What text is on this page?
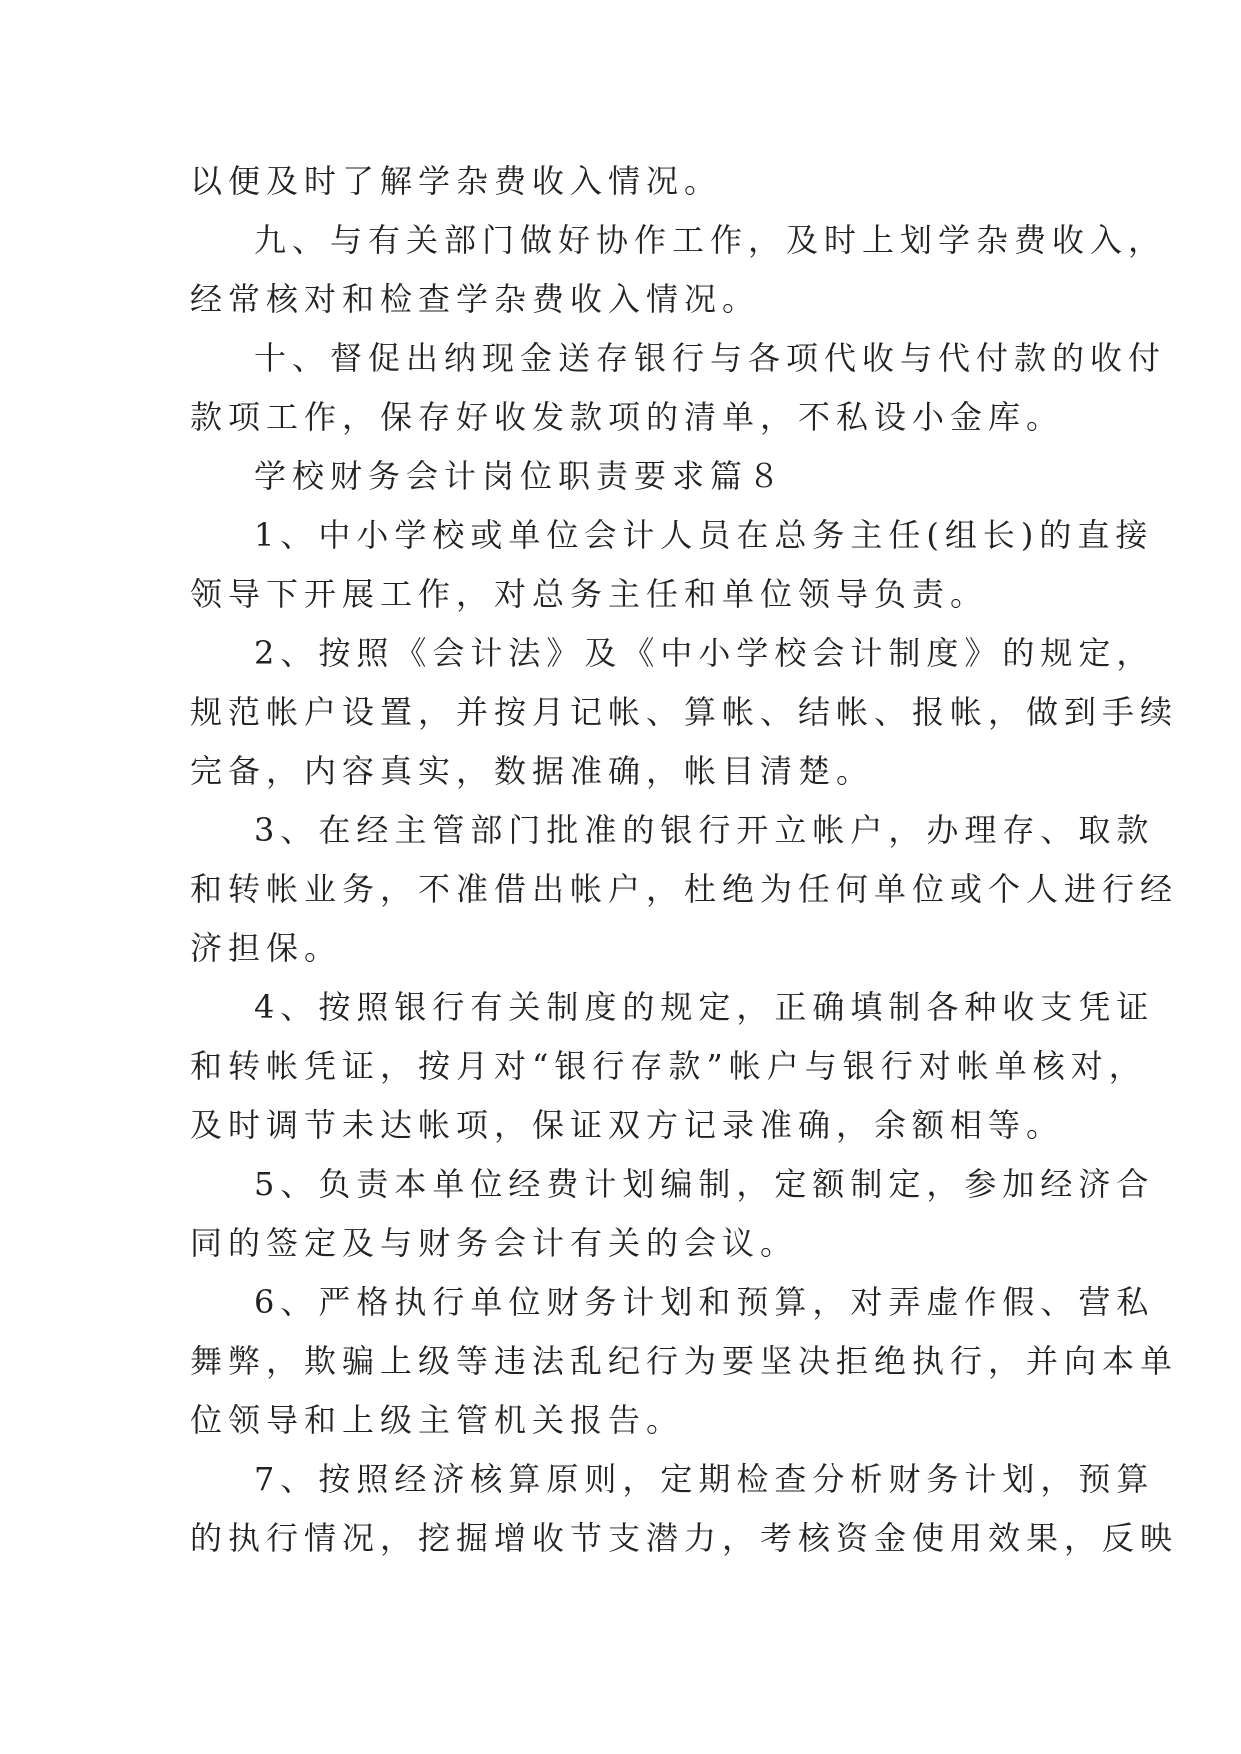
以便及时了解学杂费收入情况。

九、与有关部门做好协作工作，及时上划学杂费收入，

经常核对和检查学杂费收入情况。

十、督促出纳现金送存银行与各项代收与代付款的收付

款项工作，保存好收发款项的清单，不私设小金库。

学校财务会计岗位职责要求篇８

1、中小学校或单位会计人员在总务主任(组长)的直接

领导下开展工作，对总务主任和单位领导负责。

2、按照《会计法》及《中小学校会计制度》的规定，

规范帐户设置，并按月记帐、算帐、结帐、报帐，做到手续

完备，内容真实，数据准确，帐目清楚。

3、在经主管部门批准的银行开立帐户，办理存、取款

和转帐业务，不准借出帐户，杜绝为任何单位或个人进行经

济担保。

4、按照银行有关制度的规定，正确填制各种收支凭证

和转帐凭证，按月对“银行存款”帐户与银行对帐单核对，

及时调节未达帐项，保证双方记录准确，余额相等。

5、负责本单位经费计划编制，定额制定，参加经济合

同的签定及与财务会计有关的会议。

6、严格执行单位财务计划和预算，对弄虚作假、营私

舞弊，欺骗上级等违法乱纪行为要坚决拒绝执行，并向本单

位领导和上级主管机关报告。

7、按照经济核算原则，定期检查分析财务计划，预算

的执行情况，挖掘增收节支潜力，考核资金使用效果，反映
